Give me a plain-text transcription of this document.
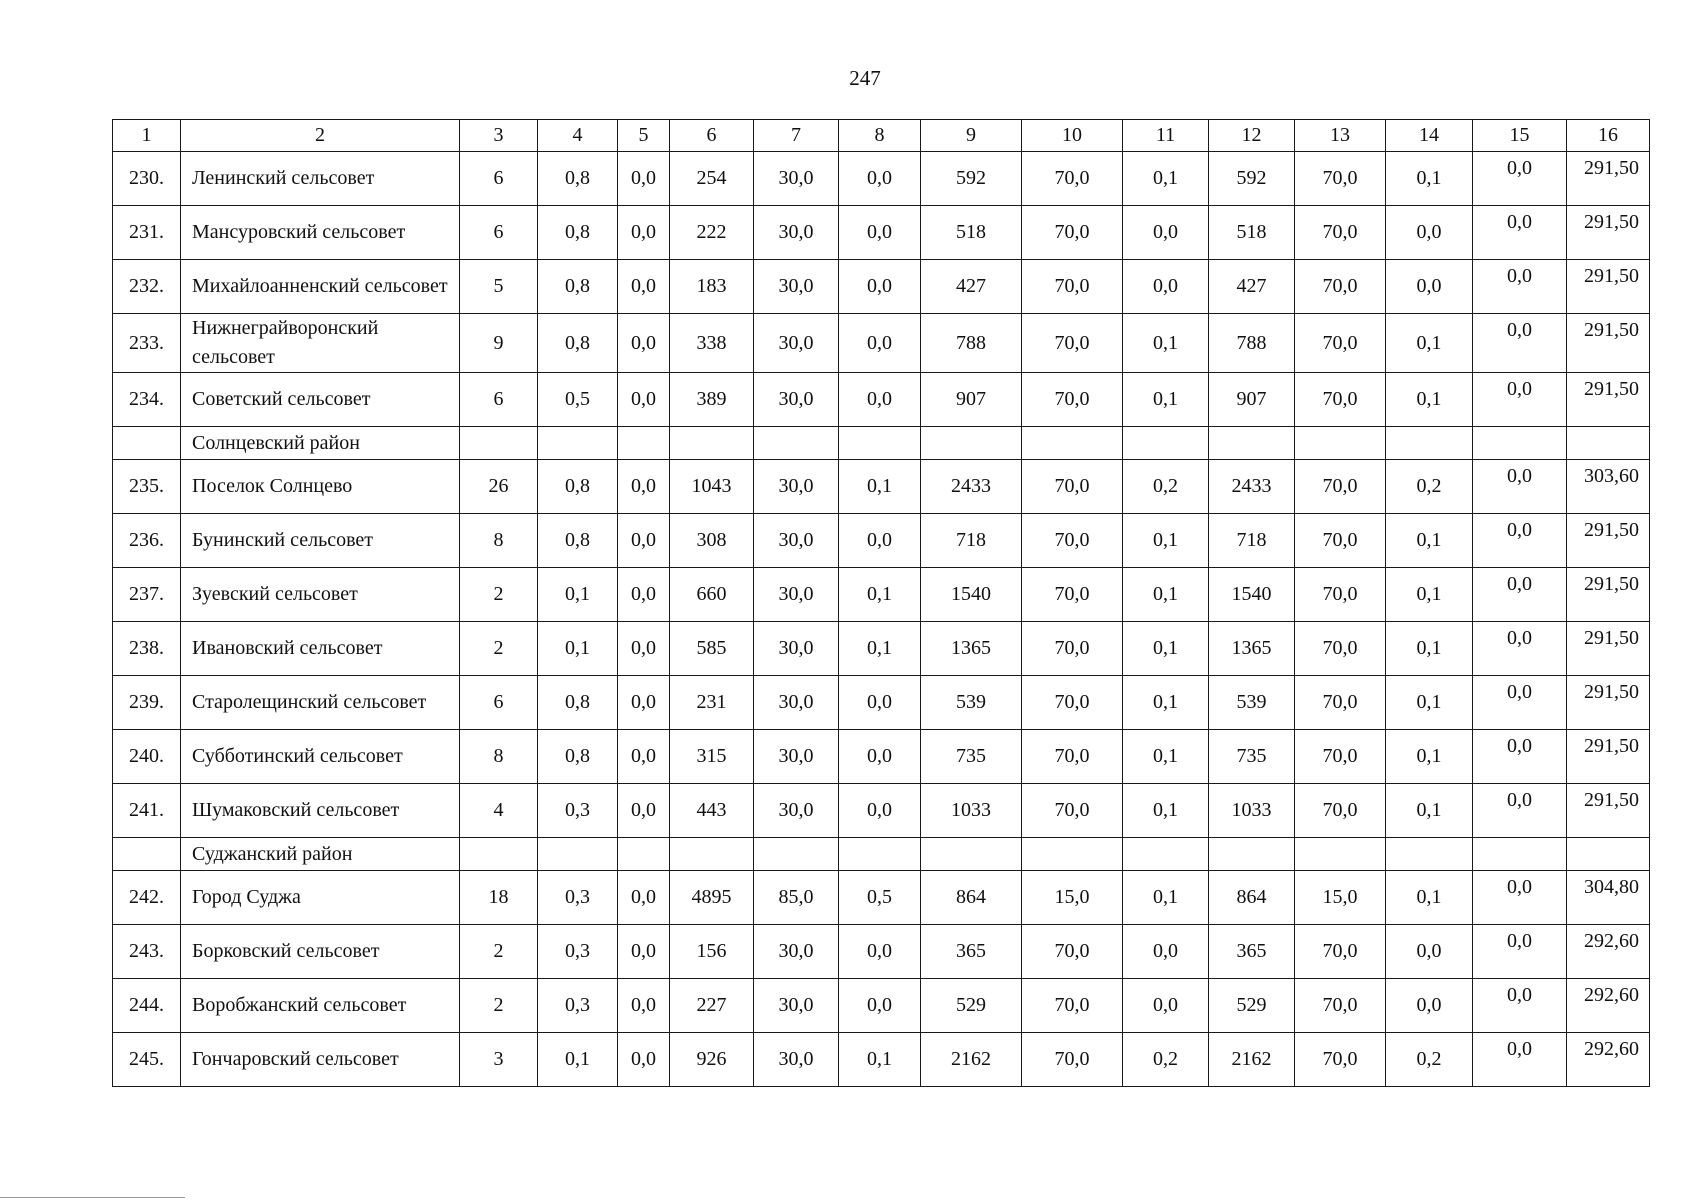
247
1	2	3	4	5	6	7	8	9	10	11	12	13	14	15	16
230.	Ленинский сельсовет	6	0,8	0,0	254	30,0	0,0	592	70,0	0,1	592	70,0	0,1	0,0	291,50
231.	Мансуровский сельсовет	6	0,8	0,0	222	30,0	0,0	518	70,0	0,0	518	70,0	0,0	0,0	291,50
232.	Михайлоанненский сельсовет	5	0,8	0,0	183	30,0	0,0	427	70,0	0,0	427	70,0	0,0	0,0	291,50
233.	Нижнеграйворонский сельсовет	9	0,8	0,0	338	30,0	0,0	788	70,0	0,1	788	70,0	0,1	0,0	291,50
234.	Советский сельсовет	6	0,5	0,0	389	30,0	0,0	907	70,0	0,1	907	70,0	0,1	0,0	291,50
	Солнцевский район														
235.	Поселок Солнцево	26	0,8	0,0	1043	30,0	0,1	2433	70,0	0,2	2433	70,0	0,2	0,0	303,60
236.	Бунинский сельсовет	8	0,8	0,0	308	30,0	0,0	718	70,0	0,1	718	70,0	0,1	0,0	291,50
237.	Зуевский сельсовет	2	0,1	0,0	660	30,0	0,1	1540	70,0	0,1	1540	70,0	0,1	0,0	291,50
238.	Ивановский сельсовет	2	0,1	0,0	585	30,0	0,1	1365	70,0	0,1	1365	70,0	0,1	0,0	291,50
239.	Старолещинский сельсовет	6	0,8	0,0	231	30,0	0,0	539	70,0	0,1	539	70,0	0,1	0,0	291,50
240.	Субботинский сельсовет	8	0,8	0,0	315	30,0	0,0	735	70,0	0,1	735	70,0	0,1	0,0	291,50
241.	Шумаковский сельсовет	4	0,3	0,0	443	30,0	0,0	1033	70,0	0,1	1033	70,0	0,1	0,0	291,50
	Суджанский район														
242.	Город Суджа	18	0,3	0,0	4895	85,0	0,5	864	15,0	0,1	864	15,0	0,1	0,0	304,80
243.	Борковский сельсовет	2	0,3	0,0	156	30,0	0,0	365	70,0	0,0	365	70,0	0,0	0,0	292,60
244.	Воробжанский сельсовет	2	0,3	0,0	227	30,0	0,0	529	70,0	0,0	529	70,0	0,0	0,0	292,60
245.	Гончаровский сельсовет	3	0,1	0,0	926	30,0	0,1	2162	70,0	0,2	2162	70,0	0,2	0,0	292,60
